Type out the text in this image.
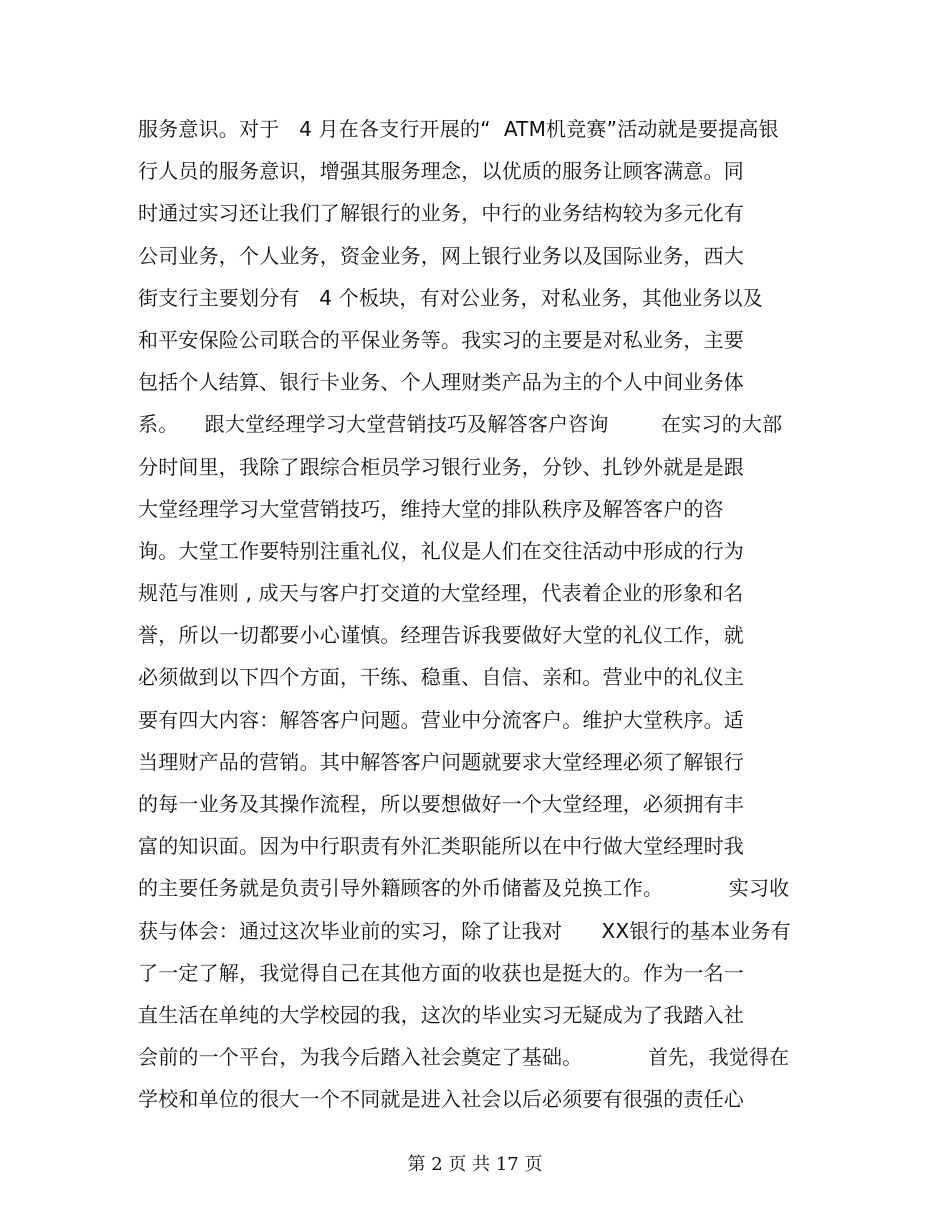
服务意识。对于   4 月在各支行开展的“  ATM机竞赛”活动就是要提高银
行人员的服务意识，增强其服务理念，以优质的服务让顾客满意。同
时通过实习还让我们了解银行的业务，中行的业务结构较为多元化有
公司业务，个人业务，资金业务，网上银行业务以及国际业务，西大
街支行主要划分有   4 个板块，有对公业务，对私业务，其他业务以及
和平安保险公司联合的平保业务等。我实习的主要是对私业务，主要
包括个人结算、银行卡业务、个人理财类产品为主的个人中间业务体
系。    跟大堂经理学习大堂营销技巧及解答客户咨询        在实习的大部
分时间里，我除了跟综合柜员学习银行业务，分钞、扎钞外就是是跟
大堂经理学习大堂营销技巧，维持大堂的排队秩序及解答客户的咨
询。大堂工作要特别注重礼仪，礼仪是人们在交往活动中形成的行为
规范与准则 , 成天与客户打交道的大堂经理，代表着企业的形象和名
誉，所以一切都要小心谨慎。经理告诉我要做好大堂的礼仪工作，就
必须做到以下四个方面，干练、稳重、自信、亲和。营业中的礼仪主
要有四大内容：解答客户问题。营业中分流客户。维护大堂秩序。适
当理财产品的营销。其中解答客户问题就要求大堂经理必须了解银行
的每一业务及其操作流程，所以要想做好一个大堂经理，必须拥有丰
富的知识面。因为中行职责有外汇类职能所以在中行做大堂经理时我
的主要任务就是负责引导外籍顾客的外币储蓄及兑换工作。          实习收
获与体会：通过这次毕业前的实习，除了让我对      XX银行的基本业务有
了一定了解，我觉得自己在其他方面的收获也是挺大的。作为一名一
直生活在单纯的大学校园的我，这次的毕业实习无疑成为了我踏入社
会前的一个平台，为我今后踏入社会奠定了基础。          首先，我觉得在
学校和单位的很大一个不同就是进入社会以后必须要有很强的责任心
第 2 页 共 17 页
